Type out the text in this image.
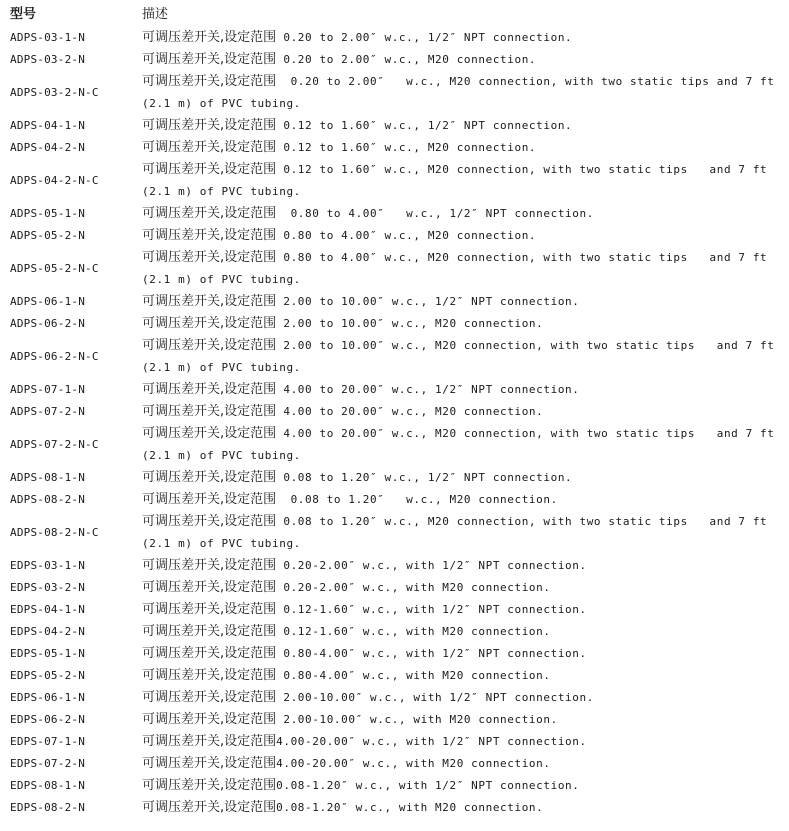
型号	描述
ADPS-03-1-N	可调压差开关,设定范围 0.20 to 2.00″ w.c., 1/2″ NPT connection.
ADPS-03-2-N	可调压差开关,设定范围 0.20 to 2.00″ w.c., M20 connection.
ADPS-03-2-N-C	可调压差开关,设定范围  0.20 to 2.00″   w.c., M20 connection, with two static tips and 7 ft (2.1 m) of PVC tubing.
ADPS-04-1-N	可调压差开关,设定范围 0.12 to 1.60″ w.c., 1/2″ NPT connection.
ADPS-04-2-N	可调压差开关,设定范围 0.12 to 1.60″ w.c., M20 connection.
ADPS-04-2-N-C	可调压差开关,设定范围 0.12 to 1.60″ w.c., M20 connection, with two static tips   and 7 ft (2.1 m) of PVC tubing.
ADPS-05-1-N	可调压差开关,设定范围  0.80 to 4.00″   w.c., 1/2″ NPT connection.
ADPS-05-2-N	可调压差开关,设定范围 0.80 to 4.00″ w.c., M20 connection.
ADPS-05-2-N-C	可调压差开关,设定范围 0.80 to 4.00″ w.c., M20 connection, with two static tips   and 7 ft (2.1 m) of PVC tubing.
ADPS-06-1-N	可调压差开关,设定范围 2.00 to 10.00″ w.c., 1/2″ NPT connection.
ADPS-06-2-N	可调压差开关,设定范围 2.00 to 10.00″ w.c., M20 connection.
ADPS-06-2-N-C	可调压差开关,设定范围 2.00 to 10.00″ w.c., M20 connection, with two static tips   and 7 ft (2.1 m) of PVC tubing.
ADPS-07-1-N	可调压差开关,设定范围 4.00 to 20.00″ w.c., 1/2″ NPT connection.
ADPS-07-2-N	可调压差开关,设定范围 4.00 to 20.00″ w.c., M20 connection.
ADPS-07-2-N-C	可调压差开关,设定范围 4.00 to 20.00″ w.c., M20 connection, with two static tips   and 7 ft (2.1 m) of PVC tubing.
ADPS-08-1-N	可调压差开关,设定范围 0.08 to 1.20″ w.c., 1/2″ NPT connection.
ADPS-08-2-N	可调压差开关,设定范围  0.08 to 1.20″   w.c., M20 connection.
ADPS-08-2-N-C	可调压差开关,设定范围 0.08 to 1.20″ w.c., M20 connection, with two static tips   and 7 ft (2.1 m) of PVC tubing.
EDPS-03-1-N	可调压差开关,设定范围 0.20-2.00″ w.c., with 1/2″ NPT connection.
EDPS-03-2-N	可调压差开关,设定范围 0.20-2.00″ w.c., with M20 connection.
EDPS-04-1-N	可调压差开关,设定范围 0.12-1.60″ w.c., with 1/2″ NPT connection.
EDPS-04-2-N	可调压差开关,设定范围 0.12-1.60″ w.c., with M20 connection.
EDPS-05-1-N	可调压差开关,设定范围 0.80-4.00″ w.c., with 1/2″ NPT connection.
EDPS-05-2-N	可调压差开关,设定范围 0.80-4.00″ w.c., with M20 connection.
EDPS-06-1-N	可调压差开关,设定范围 2.00-10.00″ w.c., with 1/2″ NPT connection.
EDPS-06-2-N	可调压差开关,设定范围 2.00-10.00″ w.c., with M20 connection.
EDPS-07-1-N	可调压差开关,设定范围4.00-20.00″ w.c., with 1/2″ NPT connection.
EDPS-07-2-N	可调压差开关,设定范围4.00-20.00″ w.c., with M20 connection.
EDPS-08-1-N	可调压差开关,设定范围0.08-1.20″ w.c., with 1/2″ NPT connection.
EDPS-08-2-N	可调压差开关,设定范围0.08-1.20″ w.c., with M20 connection.
